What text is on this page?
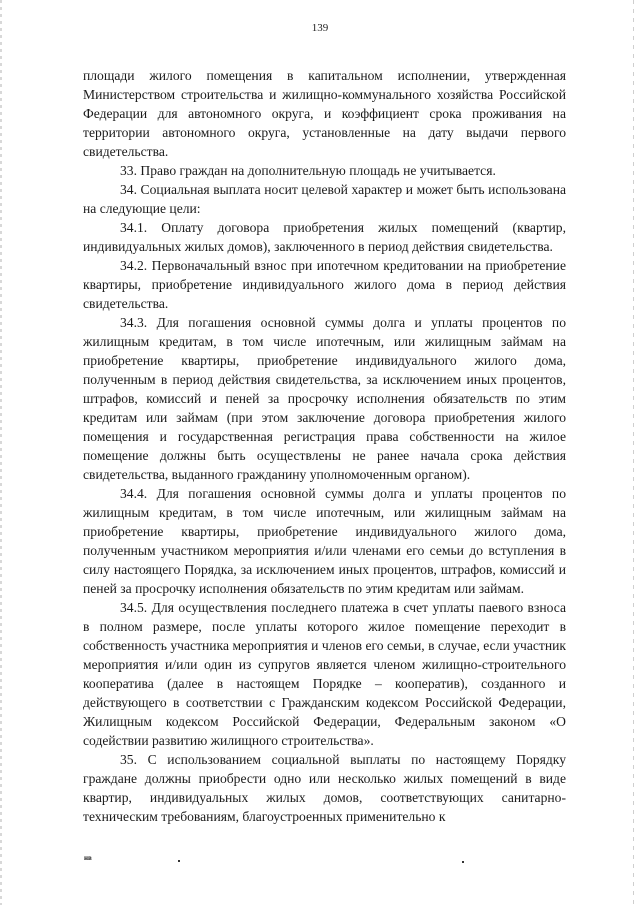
139

площади жилого помещения в капитальном исполнении, утвержденная Министерством строительства и жилищно-коммунального хозяйства Российской Федерации для автономного округа, и коэффициент срока проживания на территории автономного округа, установленные на дату выдачи первого свидетельства.

33. Право граждан на дополнительную площадь не учитывается.

34. Социальная выплата носит целевой характер и может быть использована на следующие цели:

34.1. Оплату договора приобретения жилых помещений (квартир, индивидуальных жилых домов), заключенного в период действия свидетельства.

34.2. Первоначальный взнос при ипотечном кредитовании на приобретение квартиры, приобретение индивидуального жилого дома в период действия свидетельства.

34.3. Для погашения основной суммы долга и уплаты процентов по жилищным кредитам, в том числе ипотечным, или жилищным займам на приобретение квартиры, приобретение индивидуального жилого дома, полученным в период действия свидетельства, за исключением иных процентов, штрафов, комиссий и пеней за просрочку исполнения обязательств по этим кредитам или займам (при этом заключение договора приобретения жилого помещения и государственная регистрация права собственности на жилое помещение должны быть осуществлены не ранее начала срока действия свидетельства, выданного гражданину уполномоченным органом).

34.4. Для погашения основной суммы долга и уплаты процентов по жилищным кредитам, в том числе ипотечным, или жилищным займам на приобретение квартиры, приобретение индивидуального жилого дома, полученным участником мероприятия и/или членами его семьи до вступления в силу настоящего Порядка, за исключением иных процентов, штрафов, комиссий и пеней за просрочку исполнения обязательств по этим кредитам или займам.

34.5. Для осуществления последнего платежа в счет уплаты паевого взноса в полном размере, после уплаты которого жилое помещение переходит в собственность участника мероприятия и членов его семьи, в случае, если участник мероприятия и/или один из супругов является членом жилищно-строительного кооператива (далее в настоящем Порядке – кооператив), созданного и действующего в соответствии с Гражданским кодексом Российской Федерации, Жилищным кодексом Российской Федерации, Федеральным законом «О содействии развитию жилищного строительства».

35. С использованием социальной выплаты по настоящему Порядку граждане должны приобрести одно или несколько жилых помещений в виде квартир, индивидуальных жилых домов, соответствующих санитарно-техническим требованиям, благоустроенных применительно к

нв
